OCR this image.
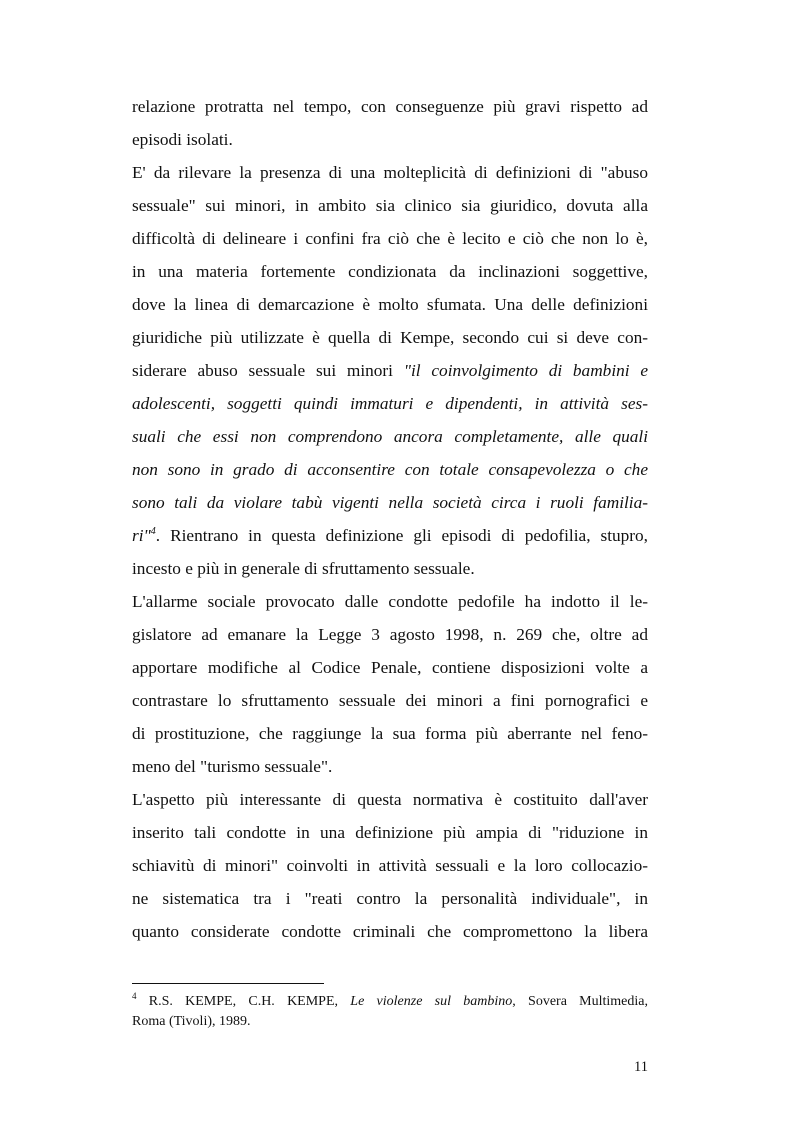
relazione protratta nel tempo, con conseguenze più gravi rispetto ad
episodi isolati.
E' da rilevare la presenza di una molteplicità di definizioni di "abuso
sessuale" sui minori, in ambito sia clinico sia giuridico, dovuta alla
difficoltà di delineare i confini fra ciò che è lecito e ciò che non lo è,
in una materia fortemente condizionata da inclinazioni soggettive,
dove la linea di demarcazione è molto sfumata. Una delle definizioni
giuridiche più utilizzate è quella di Kempe, secondo cui si deve con-
siderare abuso sessuale sui minori "il coinvolgimento di bambini e
adolescenti, soggetti quindi immaturi e dipendenti, in attività ses-
suali che essi non comprendono ancora completamente, alle quali
non sono in grado di acconsentire con totale consapevolezza o che
sono tali da violare tabù vigenti nella società circa i ruoli familia-
ri"$^4$. Rientrano in questa definizione gli episodi di pedofilia, stupro,
incesto e più in generale di sfruttamento sessuale.
L'allarme sociale provocato dalle condotte pedofile ha indotto il le-
gislatore ad emanare la Legge 3 agosto 1998, n. 269 che, oltre ad
apportare modifiche al Codice Penale, contiene disposizioni volte a
contrastare lo sfruttamento sessuale dei minori a fini pornografici e
di prostituzione, che raggiunge la sua forma più aberrante nel feno-
meno del "turismo sessuale".
L'aspetto più interessante di questa normativa è costituito dall'aver
inserito tali condotte in una definizione più ampia di "riduzione in
schiavitù di minori" coinvolti in attività sessuali e la loro collocazio-
ne sistematica tra i "reati contro la personalità individuale", in
quanto considerate condotte criminali che compromettono la libera
$^4$ R.S. KEMPE, C.H. KEMPE, Le violenze sul bambino, Sovera Multimedia,
Roma (Tivoli), 1989.
11
